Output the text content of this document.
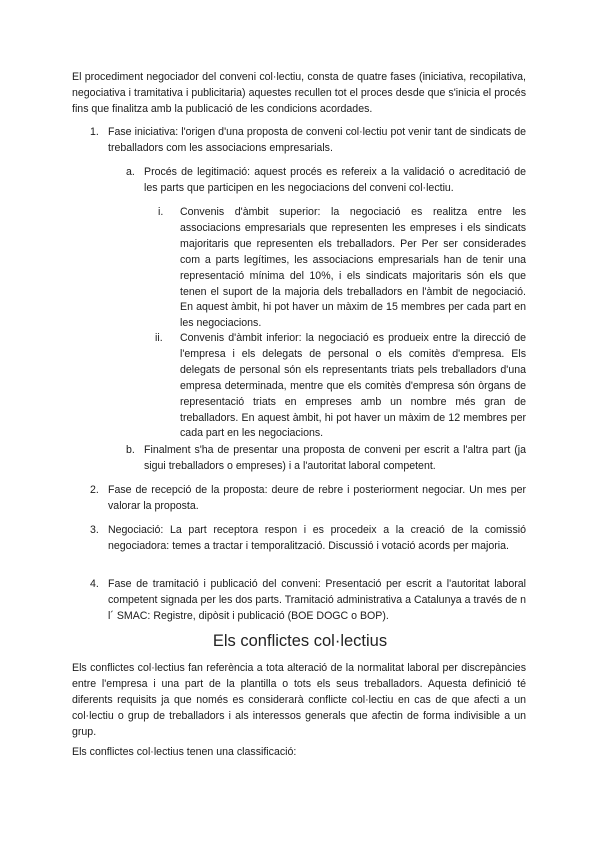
El procediment negociador del conveni col·lectiu, consta de quatre fases (iniciativa, recopilativa, negociativa i tramitativa i publicitaria) aquestes recullen tot el proces desde que s'inicia el procés fins que finalitza amb la publicació de les condicions acordades.

1. Fase iniciativa: l'origen d'una proposta de conveni col·lectiu pot venir tant de sindicats de treballadors com les associacions empresarials.

a. Procés de legitimació: aquest procés es refereix a la validació o acreditació de les parts que participen en les negociacions del conveni col·lectiu.

i. Convenis d'àmbit superior: la negociació es realitza entre les associacions empresarials que representen les empreses i els sindicats majoritaris que representen els treballadors. Per Per ser considerades com a parts legítimes, les associacions empresarials han de tenir una representació mínima del 10%, i els sindicats majoritaris són els que tenen el suport de la majoria dels treballadors en l'àmbit de negociació. En aquest àmbit, hi pot haver un màxim de 15 membres per cada part en les negociacions.

ii. Convenis d'àmbit inferior: la negociació es produeix entre la direcció de l'empresa i els delegats de personal o els comitès d'empresa. Els delegats de personal són els representants triats pels treballadors d'una empresa determinada, mentre que els comitès d'empresa són òrgans de representació triats en empreses amb un nombre més gran de treballadors. En aquest àmbit, hi pot haver un màxim de 12 membres per cada part en les negociacions.

b. Finalment s'ha de presentar una proposta de conveni per escrit a l'altra part (ja sigui treballadors o empreses) i a l'autoritat laboral competent.

2. Fase de recepció de la proposta: deure de rebre i posteriorment negociar. Un mes per valorar la proposta.

3. Negociació: La part receptora respon i es procedeix a la creació de la comissió negociadora: temes a tractar i temporalització. Discussió i votació acords per majoria.

4. Fase de tramitació i publicació del conveni: Presentació per escrit a l'autoritat laboral competent signada per les dos parts. Tramitació administrativa a Catalunya a través de n l´ SMAC: Registre, dipòsit i publicació (BOE DOGC o BOP).

Els conflictes col·lectius

Els conflictes col·lectius fan referència a tota alteració de la normalitat laboral per discrepàncies entre l'empresa i una part de la plantilla o tots els seus treballadors. Aquesta definició té diferents requisits ja que només es considerarà conflicte col·lectiu en cas de que afecti a un col·lectiu o grup de treballadors i als interessos generals que afectin de forma indivisible a un grup.

Els conflictes col·lectius tenen una classificació:
